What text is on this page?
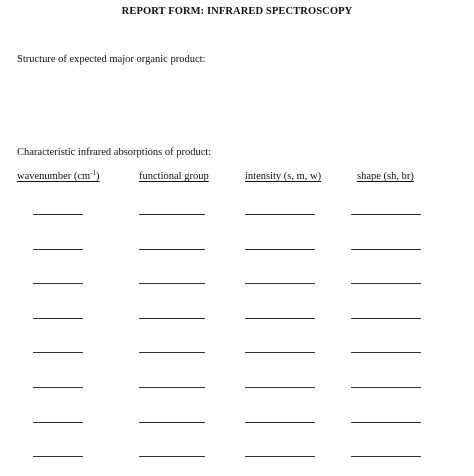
REPORT FORM: INFRARED SPECTROSCOPY
Structure of expected major organic product:
Characteristic infrared absorptions of product:
wavenumber $(cm^{-1})$	functional group	intensity (s, m, w)	shape (sh, br)
